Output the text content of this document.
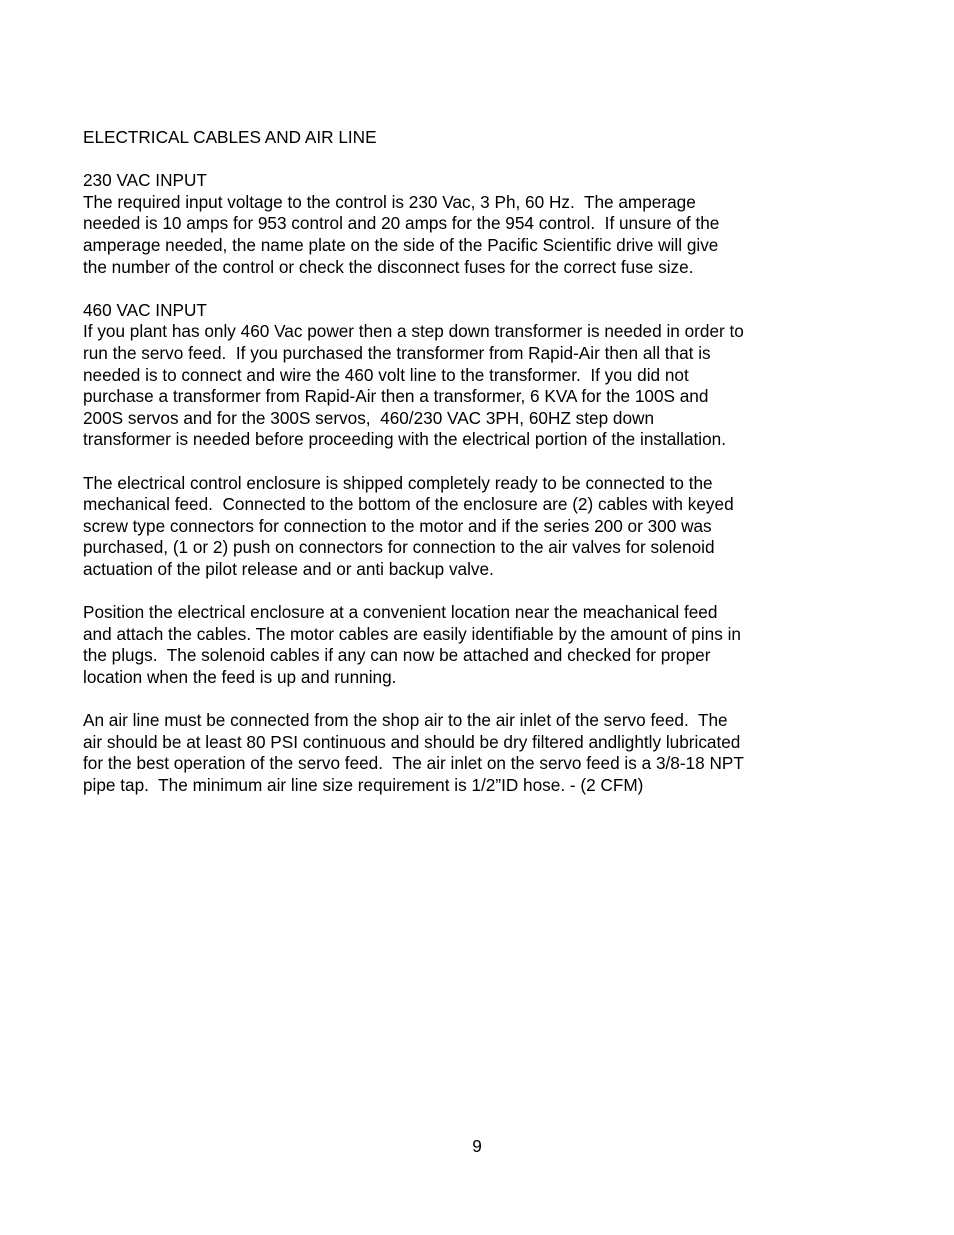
ELECTRICAL CABLES AND AIR LINE
230 VAC INPUT
The required input voltage to the control is 230 Vac, 3 Ph, 60 Hz.  The amperage
needed is 10 amps for 953 control and 20 amps for the 954 control.  If unsure of the
amperage needed, the name plate on the side of the Pacific Scientific drive will give
the number of the control or check the disconnect fuses for the correct fuse size.
460 VAC INPUT
If you plant has only 460 Vac power then a step down transformer is needed in order to
run the servo feed.  If you purchased the transformer from Rapid-Air then all that is
needed is to connect and wire the 460 volt line to the transformer.  If you did not
purchase a transformer from Rapid-Air then a transformer, 6 KVA for the 100S and
200S servos and for the 300S servos,  460/230 VAC 3PH, 60HZ step down
transformer is needed before proceeding with the electrical portion of the installation.
The electrical control enclosure is shipped completely ready to be connected to the
mechanical feed.  Connected to the bottom of the enclosure are (2) cables with keyed
screw type connectors for connection to the motor and if the series 200 or 300 was
purchased, (1 or 2) push on connectors for connection to the air valves for solenoid
actuation of the pilot release and or anti backup valve.
Position the electrical enclosure at a convenient location near the meachanical feed
and attach the cables. The motor cables are easily identifiable by the amount of pins in
the plugs.  The solenoid cables if any can now be attached and checked for proper
location when the feed is up and running.
An air line must be connected from the shop air to the air inlet of the servo feed.  The
air should be at least 80 PSI continuous and should be dry filtered andlightly lubricated
for the best operation of the servo feed.  The air inlet on the servo feed is a 3/8-18 NPT
pipe tap.  The minimum air line size requirement is 1/2”ID hose. - (2 CFM)
9
